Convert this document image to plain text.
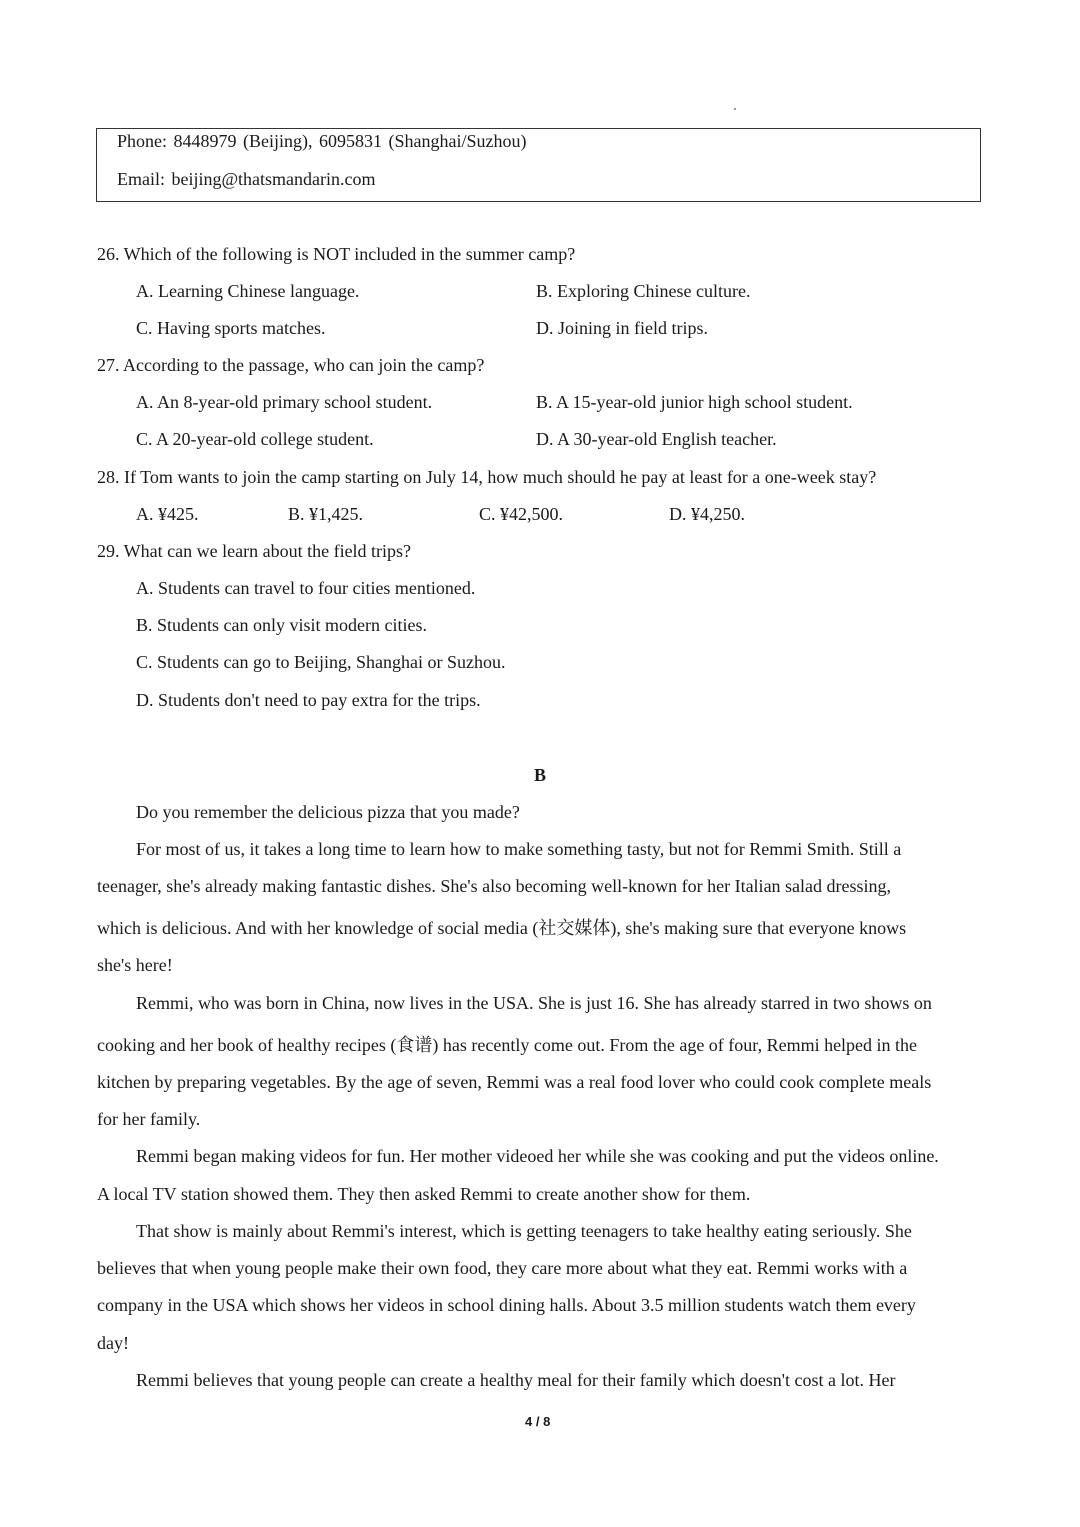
Phone: 8448979 (Beijing), 6095831 (Shanghai/Suzhou)
Email: beijing@thatsmandarin.com
26. Which of the following is NOT included in the summer camp?
A. Learning Chinese language.	B. Exploring Chinese culture.
C. Having sports matches.	D. Joining in field trips.
27. According to the passage, who can join the camp?
A. An 8-year-old primary school student.	B. A 15-year-old junior high school student.
C. A 20-year-old college student.	D. A 30-year-old English teacher.
28. If Tom wants to join the camp starting on July 14, how much should he pay at least for a one-week stay?
A. ¥425.	B. ¥1,425.	C. ¥42,500.	D. ¥4,250.
29. What can we learn about the field trips?
A. Students can travel to four cities mentioned.
B. Students can only visit modern cities.
C. Students can go to Beijing, Shanghai or Suzhou.
D. Students don't need to pay extra for the trips.
B
Do you remember the delicious pizza that you made?
For most of us, it takes a long time to learn how to make something tasty, but not for Remmi Smith. Still a
teenager, she's already making fantastic dishes. She's also becoming well-known for her Italian salad dressing,
which is delicious. And with her knowledge of social media (社交媒体), she's making sure that everyone knows
she's here!
Remmi, who was born in China, now lives in the USA. She is just 16. She has already starred in two shows on
cooking and her book of healthy recipes (食谱) has recently come out. From the age of four, Remmi helped in the
kitchen by preparing vegetables. By the age of seven, Remmi was a real food lover who could cook complete meals
for her family.
Remmi began making videos for fun. Her mother videoed her while she was cooking and put the videos online.
A local TV station showed them. They then asked Remmi to create another show for them.
That show is mainly about Remmi's interest, which is getting teenagers to take healthy eating seriously. She
believes that when young people make their own food, they care more about what they eat. Remmi works with a
company in the USA which shows her videos in school dining halls. About 3.5 million students watch them every
day!
Remmi believes that young people can create a healthy meal for their family which doesn't cost a lot. Her
4 / 8
